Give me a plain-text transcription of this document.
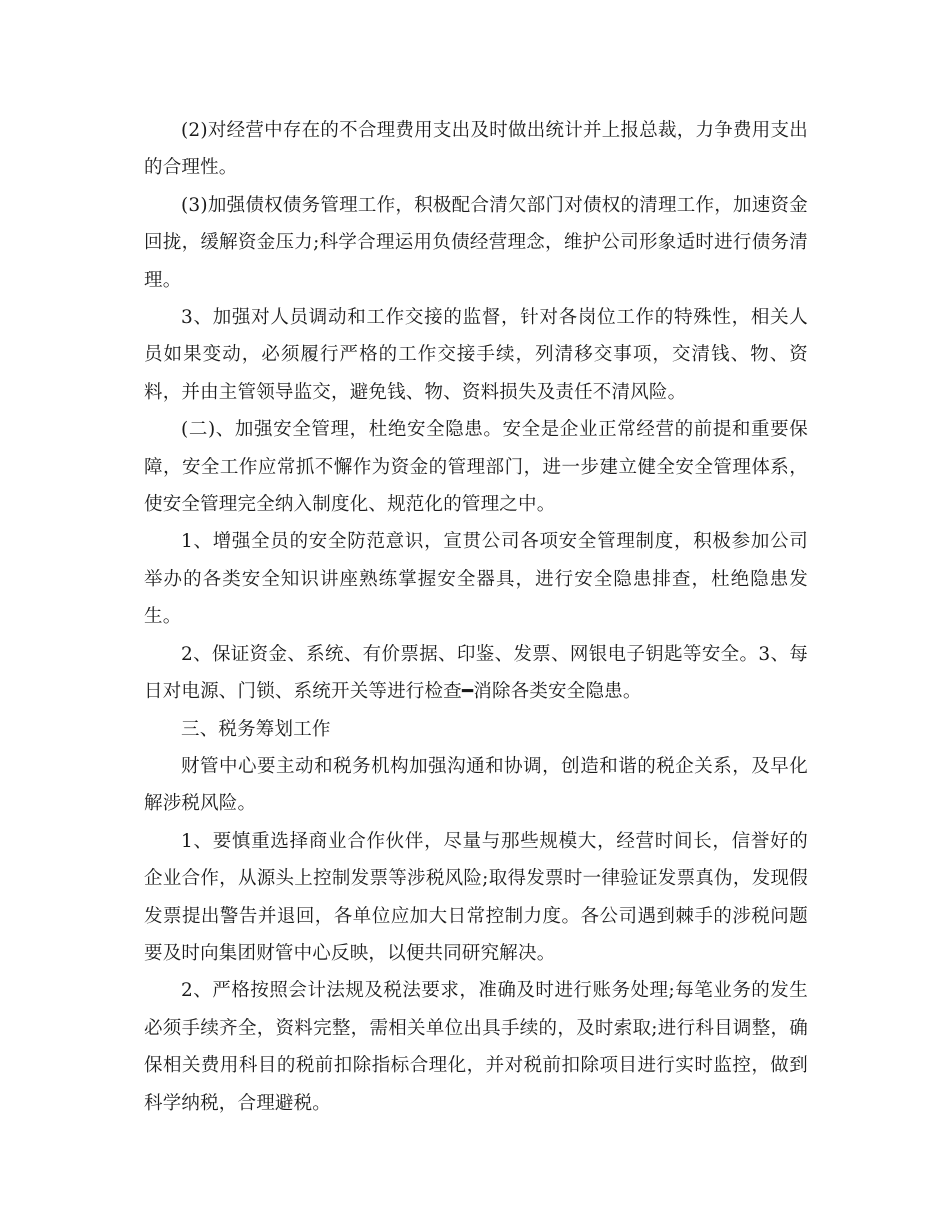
(2)对经营中存在的不合理费用支出及时做出统计并上报总裁，力争费用支出的合理性。

(3)加强债权债务管理工作，积极配合清欠部门对债权的清理工作，加速资金回拢，缓解资金压力;科学合理运用负债经营理念，维护公司形象适时进行债务清理。

3、加强对人员调动和工作交接的监督，针对各岗位工作的特殊性，相关人员如果变动，必须履行严格的工作交接手续，列清移交事项，交清钱、物、资料，并由主管领导监交，避免钱、物、资料损失及责任不清风险。

(二)、加强安全管理，杜绝安全隐患。安全是企业正常经营的前提和重要保障，安全工作应常抓不懈作为资金的管理部门，进一步建立健全安全管理体系，使安全管理完全纳入制度化、规范化的管理之中。

1、增强全员的安全防范意识，宣贯公司各项安全管理制度，积极参加公司举办的各类安全知识讲座熟练掌握安全器具，进行安全隐患排查，杜绝隐患发生。

2、保证资金、系统、有价票据、印鉴、发票、网银电子钥匙等安全。3、每日对电源、门锁、系统开关等进行检查━消除各类安全隐患。

三、税务筹划工作

财管中心要主动和税务机构加强沟通和协调，创造和谐的税企关系，及早化解涉税风险。

1、要慎重选择商业合作伙伴，尽量与那些规模大，经营时间长，信誉好的企业合作，从源头上控制发票等涉税风险;取得发票时一律验证发票真伪，发现假发票提出警告并退回，各单位应加大日常控制力度。各公司遇到棘手的涉税问题要及时向集团财管中心反映，以便共同研究解决。

2、严格按照会计法规及税法要求，准确及时进行账务处理;每笔业务的发生必须手续齐全，资料完整，需相关单位出具手续的，及时索取;进行科目调整，确保相关费用科目的税前扣除指标合理化，并对税前扣除项目进行实时监控，做到科学纳税，合理避税。
